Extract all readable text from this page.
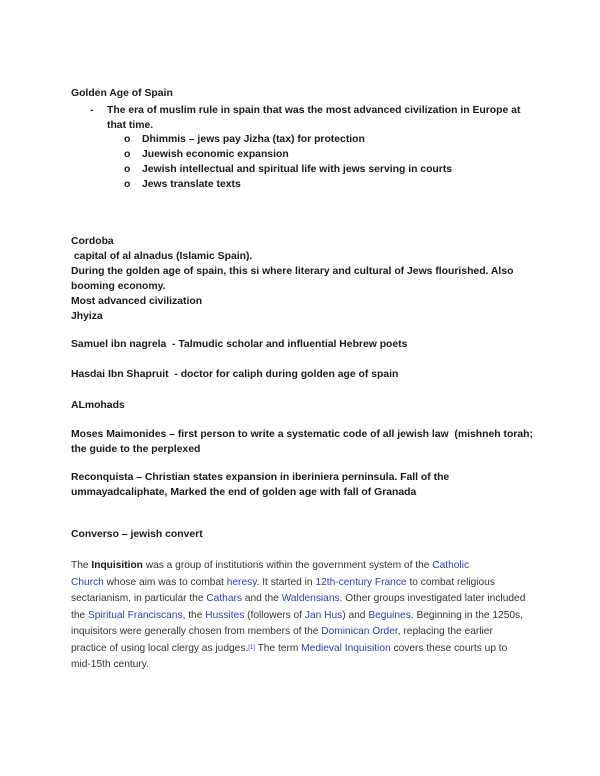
Golden Age of Spain
- The era of muslim rule in spain that was the most advanced civilization in Europe at
that time.
o Dhimmis – jews pay Jizha (tax) for protection
o Juewish economic expansion
o Jewish intellectual and spiritual life with jews serving in courts
o Jews translate texts
Cordoba
capital of al alnadus (Islamic Spain).
During the golden age of spain, this si where literary and cultural of Jews flourished. Also
booming economy.
Most advanced civilization
Jhyiza
Samuel ibn nagrela  - Talmudic scholar and influential Hebrew poets
Hasdai Ibn Shapruit  - doctor for caliph during golden age of spain
ALmohads
Moses Maimonides – first person to write a systematic code of all jewish law  (mishneh torah;
the guide to the perplexed
Reconquista – Christian states expansion in iberiniera perninsula. Fall of the
ummayadcaliphate, Marked the end of golden age with fall of Granada
Converso – jewish convert
The Inquisition was a group of institutions within the government system of the Catholic
Church whose aim was to combat heresy. It started in 12th-century France to combat religious
sectarianism, in particular the Cathars and the Waldensians. Other groups investigated later included
the Spiritual Franciscans, the Hussites (followers of Jan Hus) and Beguines. Beginning in the 1250s,
inquisitors were generally chosen from members of the Dominican Order, replacing the earlier
practice of using local clergy as judges.[1] The term Medieval Inquisition covers these courts up to
mid-15th century.
